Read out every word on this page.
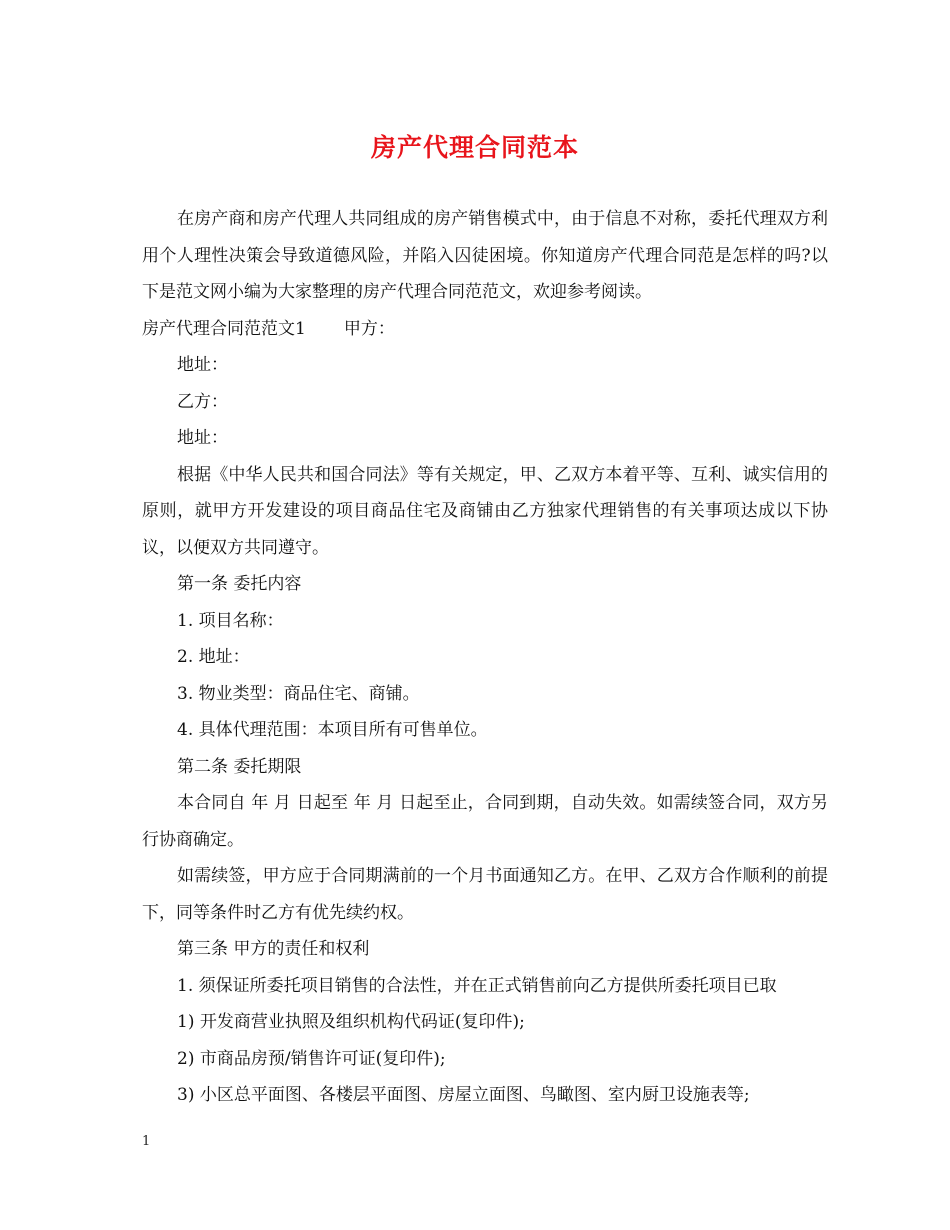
房产代理合同范本

在房产商和房产代理人共同组成的房产销售模式中，由于信息不对称，委托代理双方利用个人理性决策会导致道德风险，并陷入囚徒困境。你知道房产代理合同范是怎样的吗?以下是范文网小编为大家整理的房产代理合同范范文，欢迎参考阅读。

房产代理合同范范文1 甲方：

地址：

乙方：

地址：

根据《中华人民共和国合同法》等有关规定，甲、乙双方本着平等、互利、诚实信用的原则，就甲方开发建设的项目商品住宅及商铺由乙方独家代理销售的有关事项达成以下协议，以便双方共同遵守。

第一条 委托内容

1. 项目名称：

2. 地址：

3. 物业类型：商品住宅、商铺。

4. 具体代理范围：本项目所有可售单位。

第二条 委托期限

本合同自 年 月 日起至 年 月 日起至止，合同到期，自动失效。如需续签合同，双方另行协商确定。

如需续签，甲方应于合同期满前的一个月书面通知乙方。在甲、乙双方合作顺利的前提下，同等条件时乙方有优先续约权。

第三条 甲方的责任和权利

1. 须保证所委托项目销售的合法性，并在正式销售前向乙方提供所委托项目已取

1) 开发商营业执照及组织机构代码证(复印件);

2) 市商品房预/销售许可证(复印件);

3) 小区总平面图、各楼层平面图、房屋立面图、鸟瞰图、室内厨卫设施表等;

1
